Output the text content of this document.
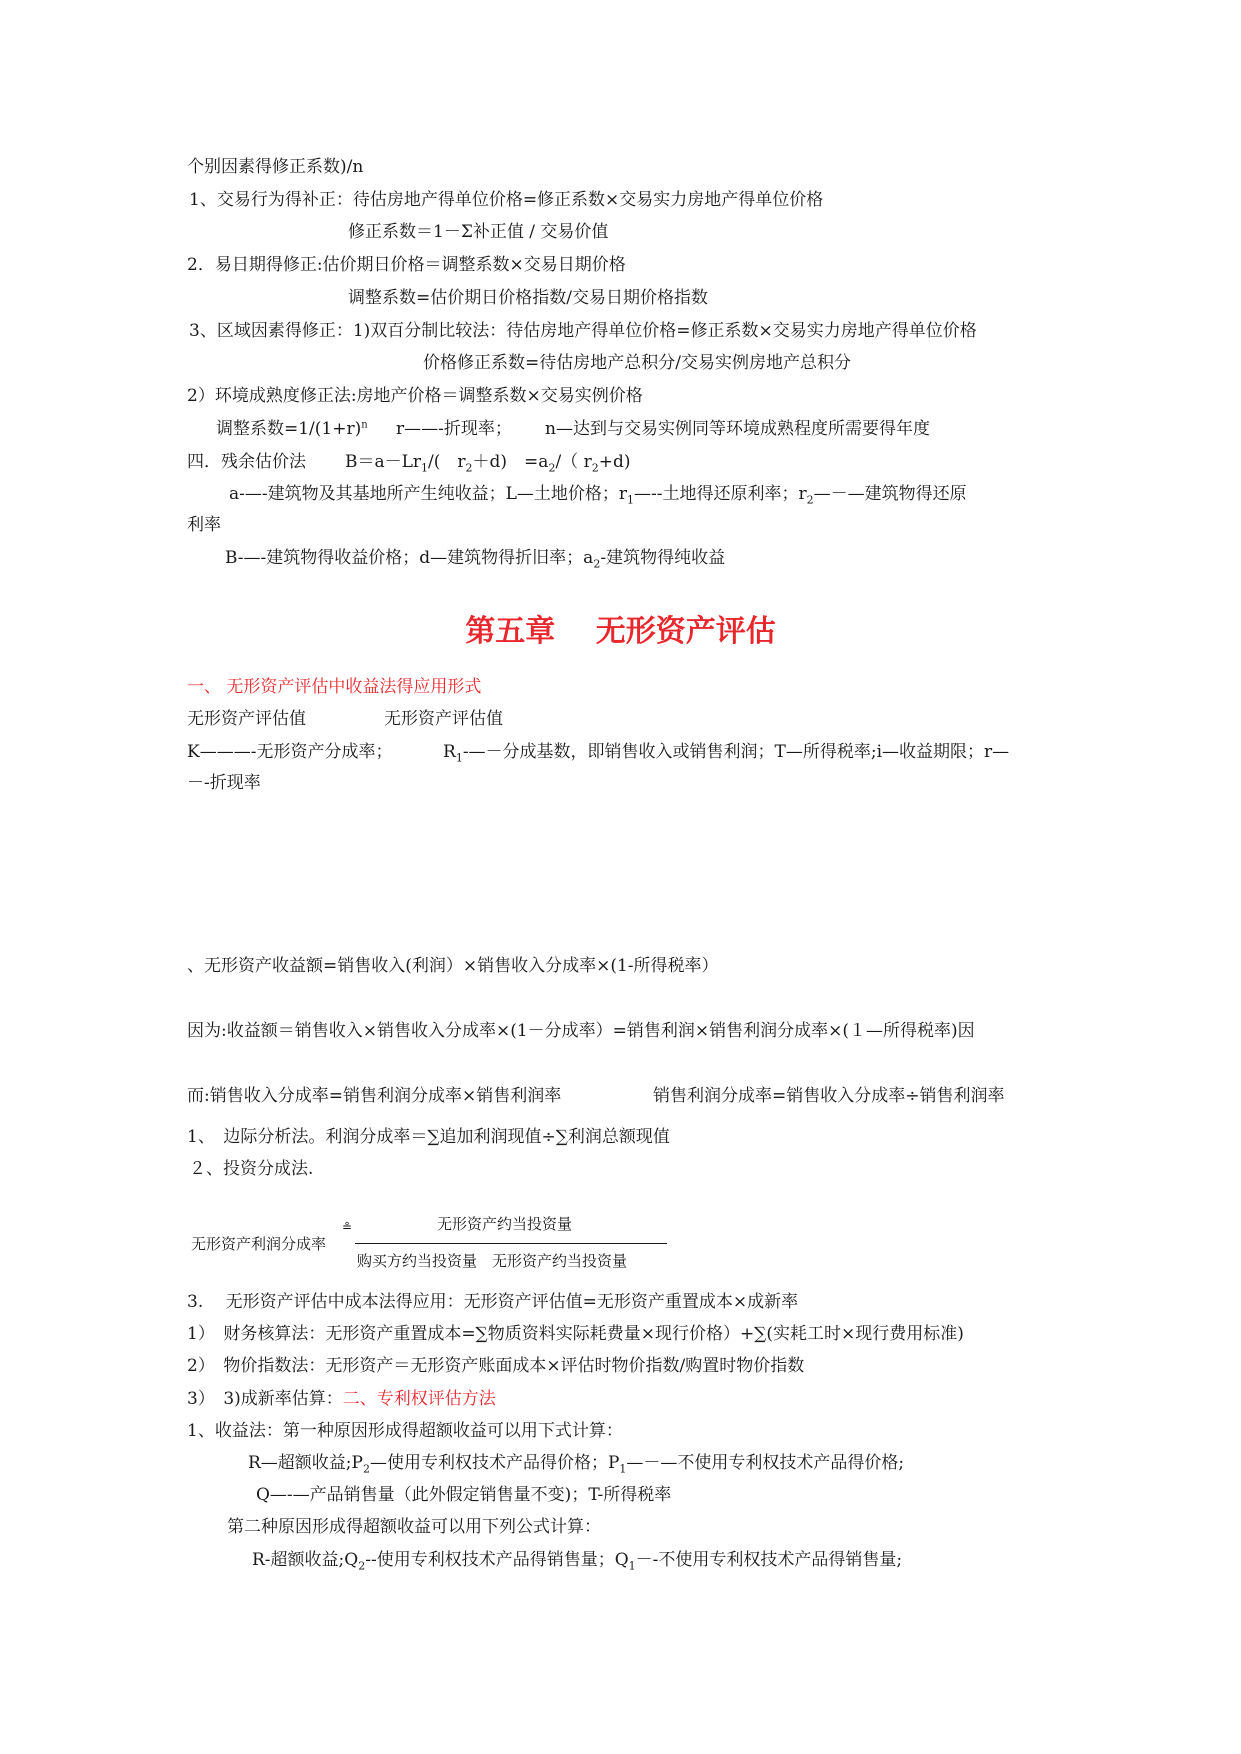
个别因素得修正系数)/n
1、交易行为得补正：待估房地产得单位价格=修正系数×交易实力房地产得单位价格
修正系数＝1－Σ补正值 / 交易价值
2．易日期得修正:估价期日价格＝调整系数×交易日期价格
调整系数=估价期日价格指数/交易日期价格指数
3、区域因素得修正：1)双百分制比较法：待估房地产得单位价格=修正系数×交易实力房地产得单位价格
价格修正系数=待估房地产总积分/交易实例房地产总积分
2）环境成熟度修正法:房地产价格＝调整系数×交易实例价格
调整系数$=1/(1+r)^n$ r——-折现率； n—达到与交易实例同等环境成熟程度所需要得年度
四．残余估价法 $B=a-Lr_1/$(　$r_2+d$)　$=a_2/$（ $r_2+d$)
a-—-建筑物及其基地所产生纯收益；L—土地价格；$r_1—--$土地得还原利率；$r_2—-—$建筑物得还原
利率
B-—-建筑物得收益价格；d—建筑物得折旧率；$a_2-$建筑物得纯收益
第五章　 无形资产评估
一、 无形资产评估中收益法得应用形式
无形资产评估值	无形资产评估值
K———-无形资产分成率；	$R_1-—-$分成基数，即销售收入或销售利润；T—所得税率;i—收益期限；r—
－-折现率
、无形资产收益额=销售收入(利润）×销售收入分成率×(1-所得税率）
因为:收益额＝销售收入×销售收入分成率×(1－分成率）=销售利润×销售利润分成率×(１—所得税率)因
而:销售收入分成率=销售利润分成率×销售利润率	销售利润分成率=销售收入分成率÷销售利润率
1、　边际分析法。利润分成率＝∑追加利润现值÷∑利润总额现值
２、投资分成法.
无形资产利润分成率
≗	无形资产约当投资量
购买方约当投资量　无形资产约当投资量
3.　 无形资产评估中成本法得应用：无形资产评估值=无形资产重置成本×成新率
1）　财务核算法：无形资产重置成本=∑物质资料实际耗费量×现行价格）+∑(实耗工时×现行费用标准)
2）　物价指数法：无形资产＝无形资产账面成本×评估时物价指数/购置时物价指数
3）　3)成新率估算：二、专利权评估方法
1、收益法：第一种原因形成得超额收益可以用下式计算：
R—超额收益$;P_2—$使用专利权技术产品得价格；$P_1—-—$不使用专利权技术产品得价格;
Q—-—产品销售量（此外假定销售量不变)；T-所得税率
第二种原因形成得超额收益可以用下列公式计算：
R-超额收益$;Q_2--$使用专利权技术产品得销售量；$Q_1--$不使用专利权技术产品得销售量;
